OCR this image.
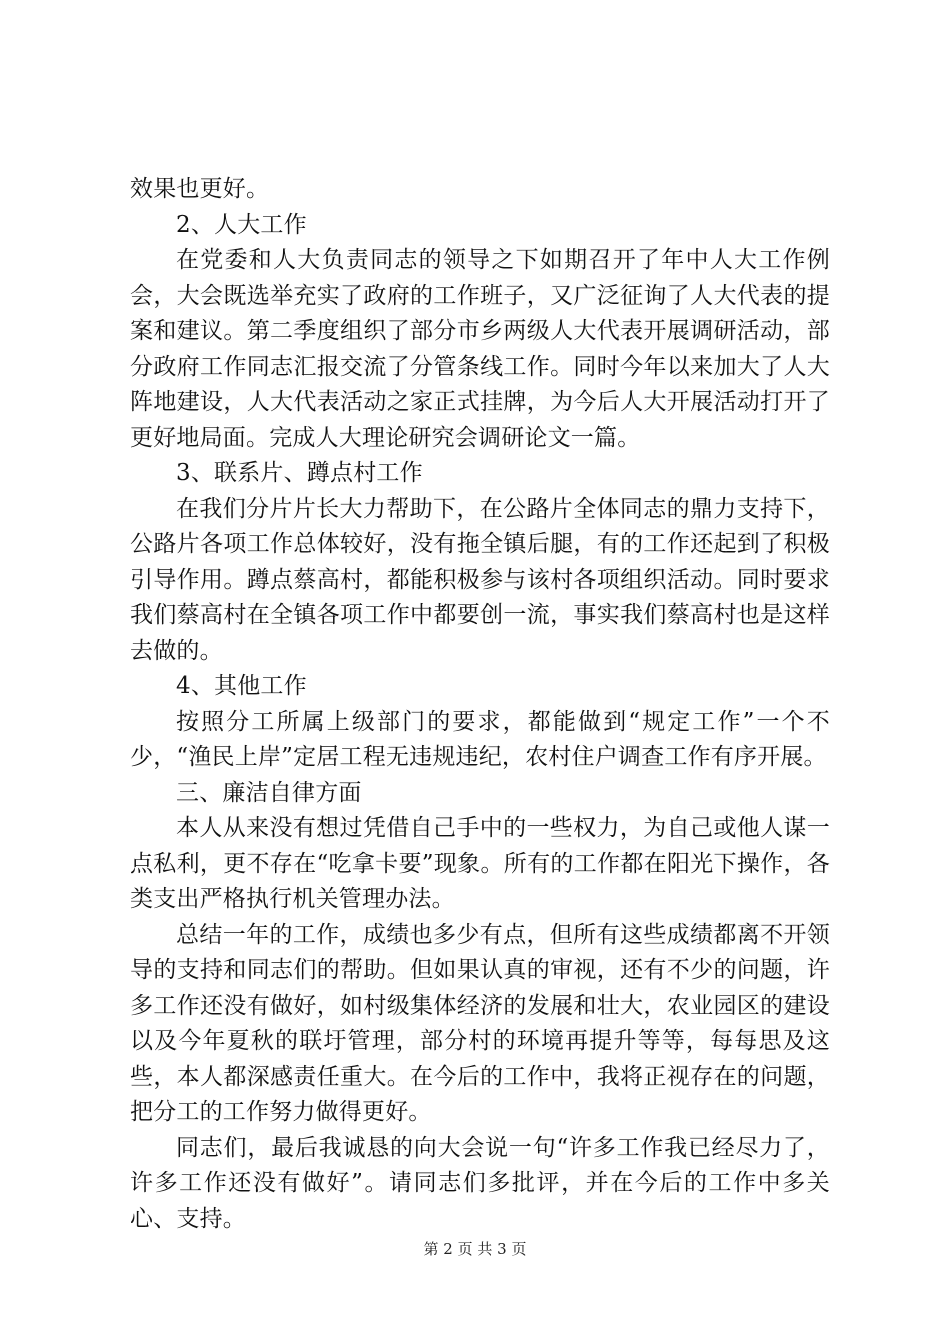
效果也更好。

2、人大工作

在党委和人大负责同志的领导之下如期召开了年中人大工作例会，大会既选举充实了政府的工作班子，又广泛征询了人大代表的提案和建议。第二季度组织了部分市乡两级人大代表开展调研活动，部分政府工作同志汇报交流了分管条线工作。同时今年以来加大了人大阵地建设，人大代表活动之家正式挂牌，为今后人大开展活动打开了更好地局面。完成人大理论研究会调研论文一篇。

3、联系片、蹲点村工作

在我们分片片长大力帮助下，在公路片全体同志的鼎力支持下，公路片各项工作总体较好，没有拖全镇后腿，有的工作还起到了积极引导作用。蹲点蔡高村，都能积极参与该村各项组织活动。同时要求我们蔡高村在全镇各项工作中都要创一流，事实我们蔡高村也是这样去做的。

4、其他工作

按照分工所属上级部门的要求，都能做到“规定工作”一个不少，“渔民上岸”定居工程无违规违纪，农村住户调查工作有序开展。

三、廉洁自律方面

本人从来没有想过凭借自己手中的一些权力，为自己或他人谋一点私利，更不存在“吃拿卡要”现象。所有的工作都在阳光下操作，各类支出严格执行机关管理办法。

总结一年的工作，成绩也多少有点，但所有这些成绩都离不开领导的支持和同志们的帮助。但如果认真的审视，还有不少的问题，许多工作还没有做好，如村级集体经济的发展和壮大，农业园区的建设以及今年夏秋的联圩管理，部分村的环境再提升等等，每每思及这些，本人都深感责任重大。在今后的工作中，我将正视存在的问题，把分工的工作努力做得更好。

同志们，最后我诚恳的向大会说一句“许多工作我已经尽力了，许多工作还没有做好”。请同志们多批评，并在今后的工作中多关心、支持。

第 2 页 共 3 页
